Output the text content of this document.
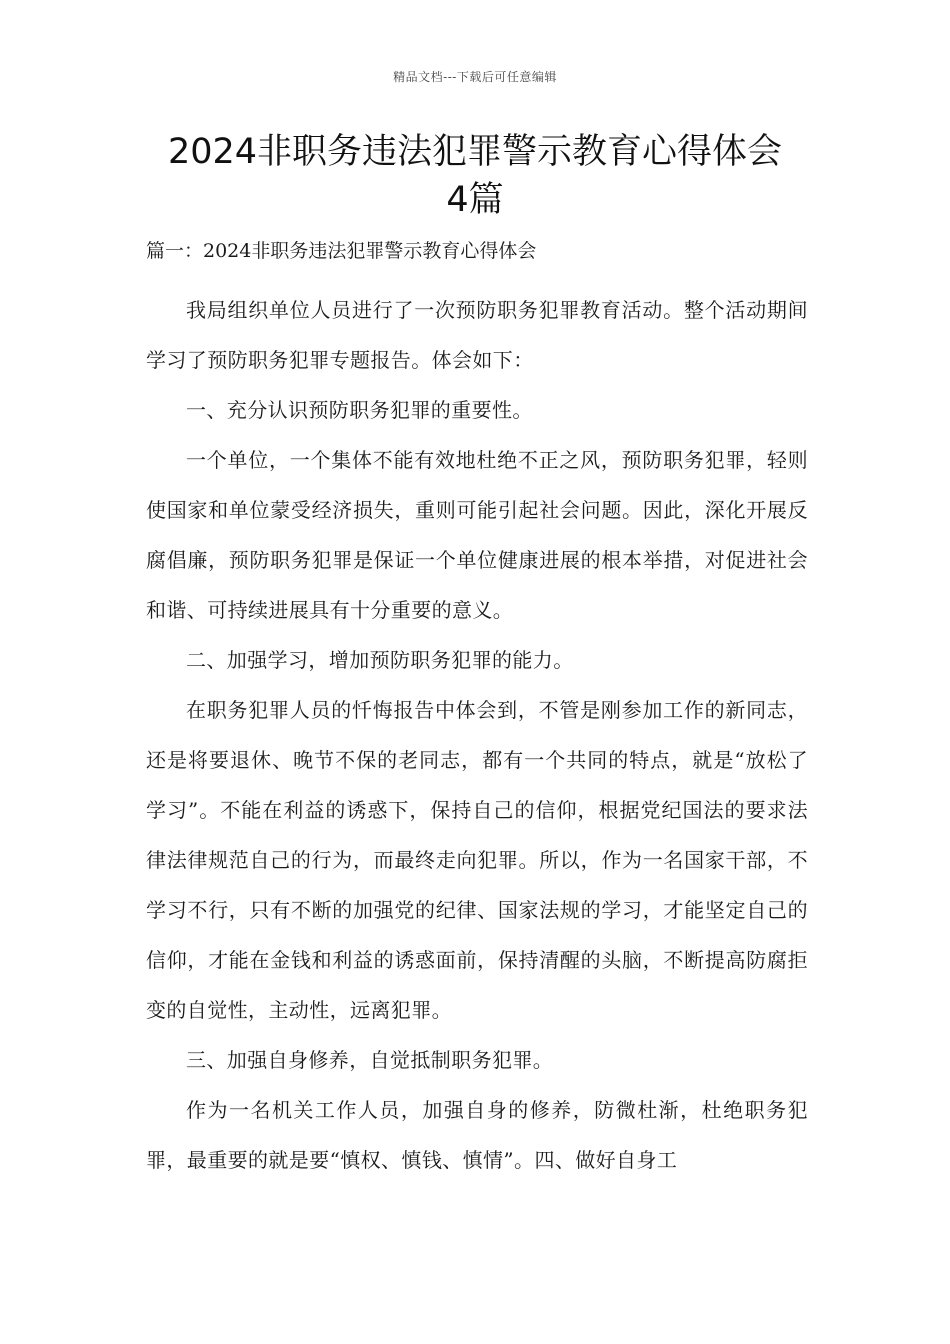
精品文档---下载后可任意编辑
2024非职务违法犯罪警示教育心得体会
4篇

篇一：2024非职务违法犯罪警示教育心得体会

我局组织单位人员进行了一次预防职务犯罪教育活动。整个活动期间学习了预防职务犯罪专题报告。体会如下：

一、充分认识预防职务犯罪的重要性。

一个单位，一个集体不能有效地杜绝不正之风，预防职务犯罪，轻则使国家和单位蒙受经济损失，重则可能引起社会问题。因此，深化开展反腐倡廉，预防职务犯罪是保证一个单位健康进展的根本举措，对促进社会和谐、可持续进展具有十分重要的意义。

二、加强学习，增加预防职务犯罪的能力。

在职务犯罪人员的忏悔报告中体会到，不管是刚参加工作的新同志，还是将要退休、晚节不保的老同志，都有一个共同的特点，就是“放松了学习”。不能在利益的诱惑下，保持自己的信仰，根据党纪国法的要求法律法律规范自己的行为，而最终走向犯罪。所以，作为一名国家干部，不学习不行，只有不断的加强党的纪律、国家法规的学习，才能坚定自己的信仰，才能在金钱和利益的诱惑面前，保持清醒的头脑，不断提高防腐拒变的自觉性，主动性，远离犯罪。

三、加强自身修养，自觉抵制职务犯罪。

作为一名机关工作人员，加强自身的修养，防微杜渐，杜绝职务犯罪，最重要的就是要“慎权、慎钱、慎情”。四、做好自身工
